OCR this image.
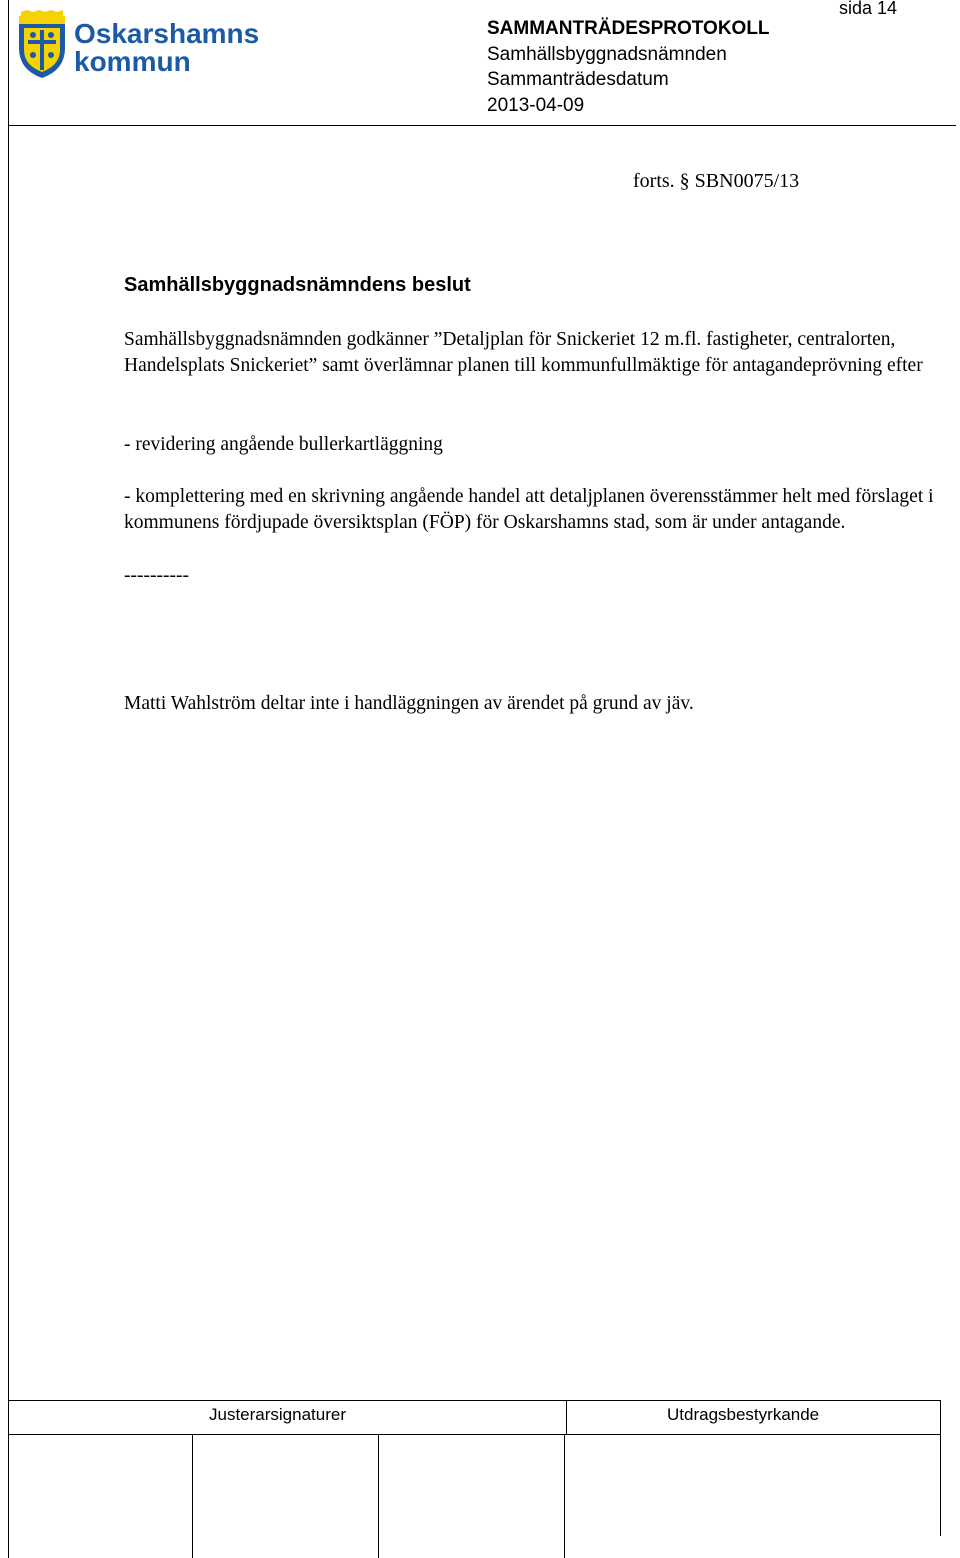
Oskarshamns
kommun
sida 14
SAMMANTRÄDESPROTOKOLL
Samhällsbyggnadsnämnden
Sammanträdesdatum
2013-04-09
forts. § SBN0075/13
Samhällsbyggnadsnämndens beslut
Samhällsbyggnadsnämnden godkänner ”Detaljplan för Snickeriet 12 m.fl. fastigheter, centralorten, Handelsplats Snickeriet” samt överlämnar planen till kommunfullmäktige för antagandeprövning efter
- revidering angående bullerkartläggning
- komplettering med en skrivning angående handel att detaljplanen överensstämmer helt med förslaget i kommunens fördjupade översiktsplan (FÖP) för Oskarshamns stad, som är under antagande.
----------
Matti Wahlström deltar inte i handläggningen av ärendet på grund av jäv.
Justerarsignaturer	Utdragsbestyrkande
